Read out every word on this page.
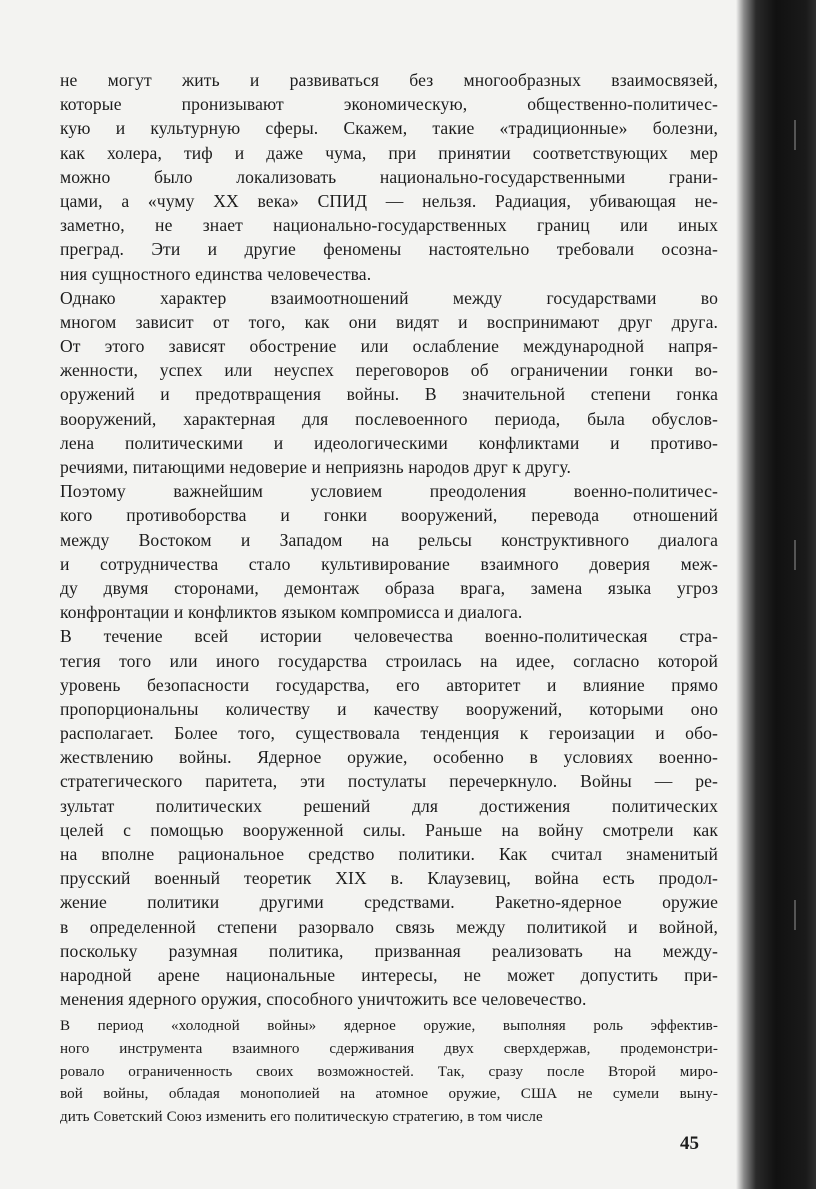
не могут жить и развиваться без многообразных взаимосвязей,
которые пронизывают экономическую, общественно-политичес-
кую и культурную сферы. Скажем, такие «традиционные» болезни,
как холера, тиф и даже чума, при принятии соответствующих мер
можно было локализовать национально-государственными грани-
цами, а «чуму XX века» СПИД — нельзя. Радиация, убивающая не-
заметно, не знает национально-государственных границ или иных
преград. Эти и другие феномены настоятельно требовали осозна-
ния сущностного единства человечества.
Однако характер взаимоотношений между государствами во
многом зависит от того, как они видят и воспринимают друг друга.
От этого зависят обострение или ослабление международной напря-
женности, успех или неуспех переговоров об ограничении гонки во-
оружений и предотвращения войны. В значительной степени гонка
вооружений, характерная для послевоенного периода, была обуслов-
лена политическими и идеологическими конфликтами и противо-
речиями, питающими недоверие и неприязнь народов друг к другу.
Поэтому важнейшим условием преодоления военно-политичес-
кого противоборства и гонки вооружений, перевода отношений
между Востоком и Западом на рельсы конструктивного диалога
и сотрудничества стало культивирование взаимного доверия меж-
ду двумя сторонами, демонтаж образа врага, замена языка угроз
конфронтации и конфликтов языком компромисса и диалога.
В течение всей истории человечества военно-политическая стра-
тегия того или иного государства строилась на идее, согласно которой
уровень безопасности государства, его авторитет и влияние прямо
пропорциональны количеству и качеству вооружений, которыми оно
располагает. Более того, существовала тенденция к героизации и обо-
жествлению войны. Ядерное оружие, особенно в условиях военно-
стратегического паритета, эти постулаты перечеркнуло. Войны — ре-
зультат политических решений для достижения политических
целей с помощью вооруженной силы. Раньше на войну смотрели как
на вполне рациональное средство политики. Как считал знаменитый
прусский военный теоретик XIX в. Клаузевиц, война есть продол-
жение политики другими средствами. Ракетно-ядерное оружие
в определенной степени разорвало связь между политикой и войной,
поскольку разумная политика, призванная реализовать на между-
народной арене национальные интересы, не может допустить при-
менения ядерного оружия, способного уничтожить все человечество.
В период «холодной войны» ядерное оружие, выполняя роль эффектив-
ного инструмента взаимного сдерживания двух сверхдержав, продемонстри-
ровало ограниченность своих возможностей. Так, сразу после Второй миро-
вой войны, обладая монополией на атомное оружие, США не сумели выну-
дить Советский Союз изменить его политическую стратегию, в том числе
45
